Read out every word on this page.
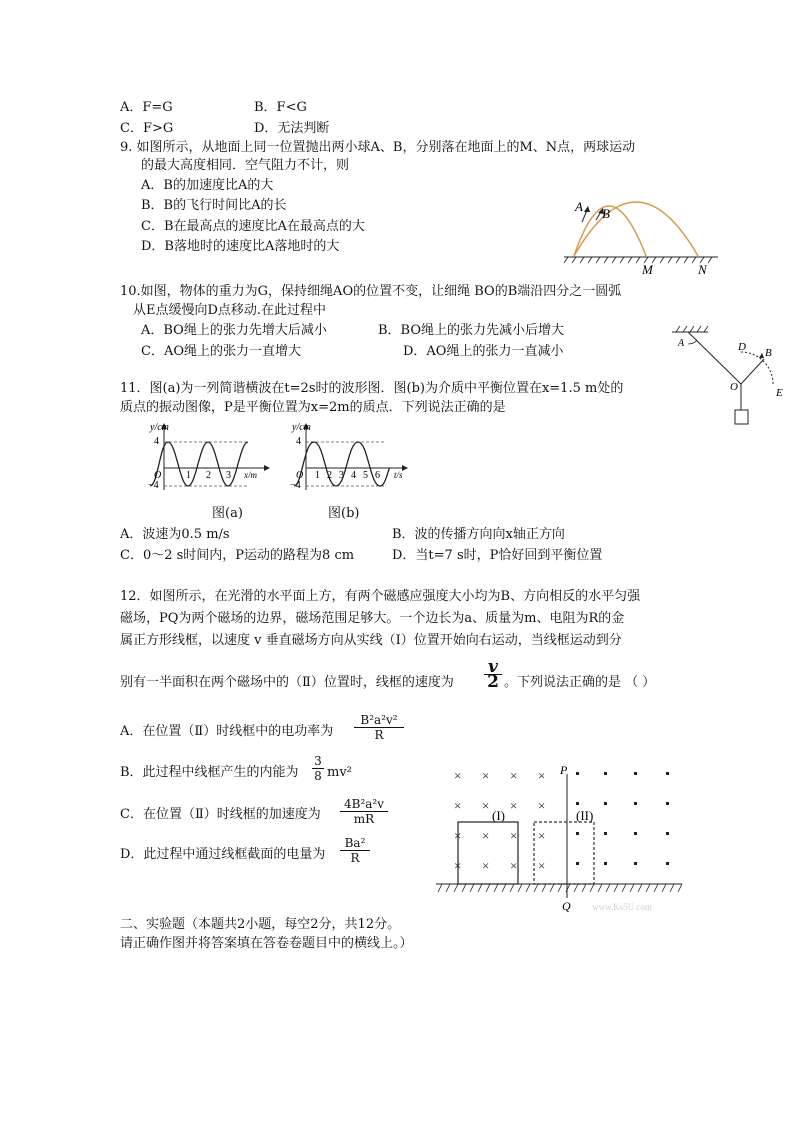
A．F=G	B．F<G
C．F>G	D．无法判断
9. 如图所示，从地面上同一位置抛出两小球A、B，分别落在地面上的M、N点，两球运动
的最大高度相同．空气阻力不计，则
A．B的加速度比A的大
B．B的飞行时间比A的长
C．B在最高点的速度比A在最高点的大
D．B落地时的速度比A落地时的大
A B
M	N
10.如图，物体的重力为G，保持细绳AO的位置不变，让细绳 BO的B端沿四分之一圆弧
从E点缓慢向D点移动.在此过程中
A．BO绳上的张力先增大后减小	B．BO绳上的张力先减小后增大
C．AO绳上的张力一直增大	D．AO绳上的张力一直减小
A	D B
O	E
11．图(a)为一列简谐横波在t=2s时的波形图．图(b)为介质中平衡位置在x=1.5 m处的
质点的振动图像，P是平衡位置为x=2m的质点．下列说法正确的是
y/cm
4
−4
O 1 2 3 x/m
图(a)
y/cm
4
−4
O 1 2 3 4 5 6 t/s
图(b)
A．波速为0.5 m/s	B．波的传播方向向x轴正方向
C．0～2 s时间内，P运动的路程为8 cm	D．当t=7 s时，P恰好回到平衡位置
12．如图所示，在光滑的水平面上方，有两个磁感应强度大小均为B、方向相反的水平匀强
磁场，PQ为两个磁场的边界，磁场范围足够大。一个边长为a、质量为m、电阻为R的金
属正方形线框，以速度 v 垂直磁场方向从实线（Ⅰ）位置开始向右运动，当线框运动到分
别有一半面积在两个磁场中的（Ⅱ）位置时，线框的速度为 $\frac{v}{2}$ 。下列说法正确的是 （ ）
A．在位置（Ⅱ）时线框中的电功率为 $\frac{\text{B²a²v²}}{R}$
B．此过程中线框产生的内能为 $\frac{3}{8} mv^2$
C．在位置（Ⅱ）时线框的加速度为 $\frac{\text{4B²a²v}}{mR}$
D．此过程中通过线框截面的电量为 $\frac{\text{Ba²}}{R}$
× × × ×
× × × ×
× × × ×
× × × ×
(I)	(II)
P
Q www.Ks5U.com
二、实验题（本题共2小题，每空2分，共12分。
请正确作图并将答案填在答卷卷题目中的横线上。）
